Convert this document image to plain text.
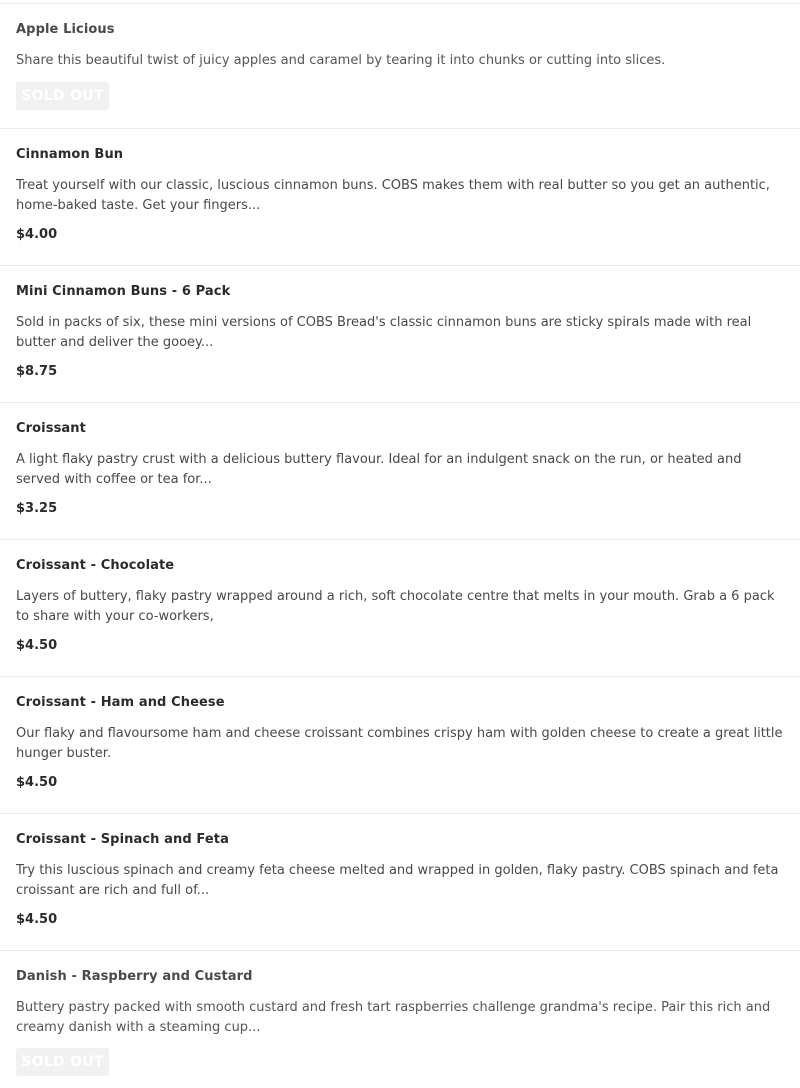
Apple Licious
Share this beautiful twist of juicy apples and caramel by tearing it into chunks or cutting into slices.
SOLD OUT
Cinnamon Bun
Treat yourself with our classic, luscious cinnamon buns. COBS makes them with real butter so you get an authentic, home-baked taste. Get your fingers...
$4.00
Mini Cinnamon Buns - 6 Pack
Sold in packs of six, these mini versions of COBS Bread's classic cinnamon buns are sticky spirals made with real butter and deliver the gooey...
$8.75
Croissant
A light flaky pastry crust with a delicious buttery flavour. Ideal for an indulgent snack on the run, or heated and served with coffee or tea for...
$3.25
Croissant - Chocolate
Layers of buttery, flaky pastry wrapped around a rich, soft chocolate centre that melts in your mouth. Grab a 6 pack to share with your co-workers,
$4.50
Croissant - Ham and Cheese
Our flaky and flavoursome ham and cheese croissant combines crispy ham with golden cheese to create a great little hunger buster.
$4.50
Croissant - Spinach and Feta
Try this luscious spinach and creamy feta cheese melted and wrapped in golden, flaky pastry. COBS spinach and feta croissant are rich and full of...
$4.50
Danish - Raspberry and Custard
Buttery pastry packed with smooth custard and fresh tart raspberries challenge grandma's recipe. Pair this rich and creamy danish with a steaming cup...
SOLD OUT
